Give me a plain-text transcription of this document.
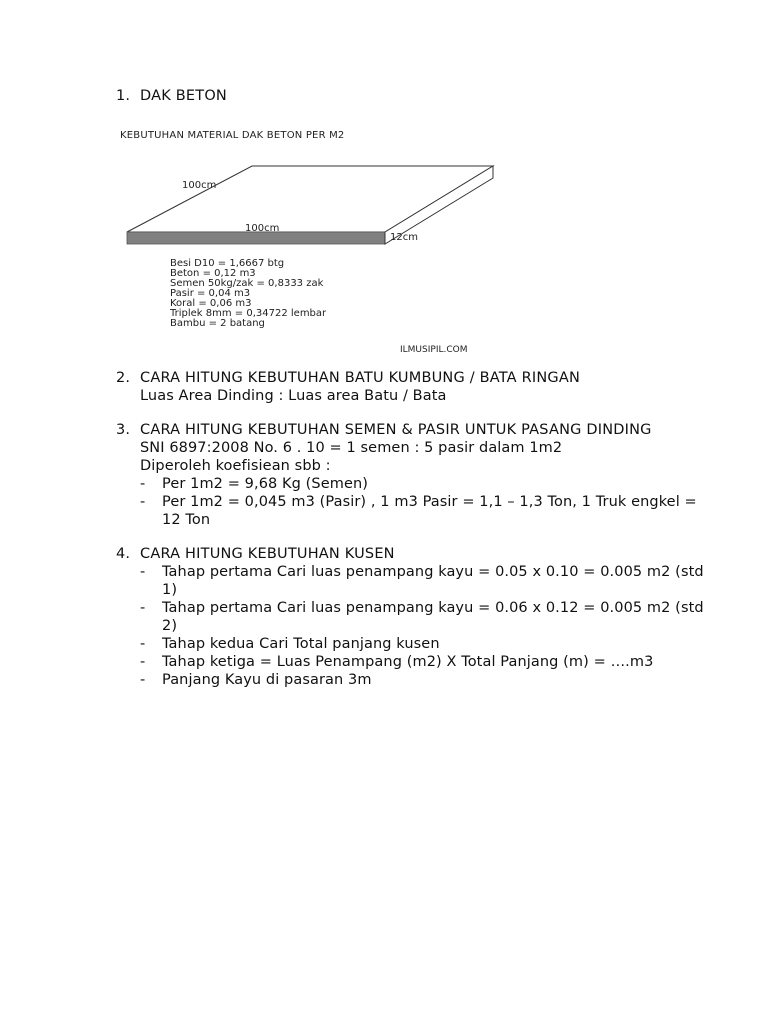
1. DAK BETON
KEBUTUHAN MATERIAL DAK BETON PER M2
100cm
100cm
12cm
Besi D10 = 1,6667 btg
Beton = 0,12 m3
Semen 50kg/zak = 0,8333 zak
Pasir = 0,04 m3
Koral = 0,06 m3
Triplek 8mm = 0,34722 lembar
Bambu = 2 batang
ILMUSIPIL.COM
2. CARA HITUNG KEBUTUHAN BATU KUMBUNG / BATA RINGAN
Luas Area Dinding : Luas area Batu / Bata
3. CARA HITUNG KEBUTUHAN SEMEN & PASIR UNTUK PASANG DINDING
SNI 6897:2008 No. 6 . 10 = 1 semen : 5 pasir dalam 1m2
Diperoleh koefisiean sbb :
-	Per 1m2 = 9,68 Kg (Semen)
-	Per 1m2 = 0,045 m3 (Pasir) , 1 m3 Pasir = 1,1 – 1,3 Ton, 1 Truk engkel = 12 Ton
4. CARA HITUNG KEBUTUHAN KUSEN
-	Tahap pertama Cari luas penampang kayu = 0.05 x 0.10 = 0.005 m2 (std 1)
-	Tahap pertama Cari luas penampang kayu = 0.06 x 0.12 = 0.005 m2 (std 2)
-	Tahap kedua Cari Total panjang kusen
-	Tahap ketiga = Luas Penampang (m2) X Total Panjang (m) = ….m3
-	Panjang Kayu di pasaran 3m
